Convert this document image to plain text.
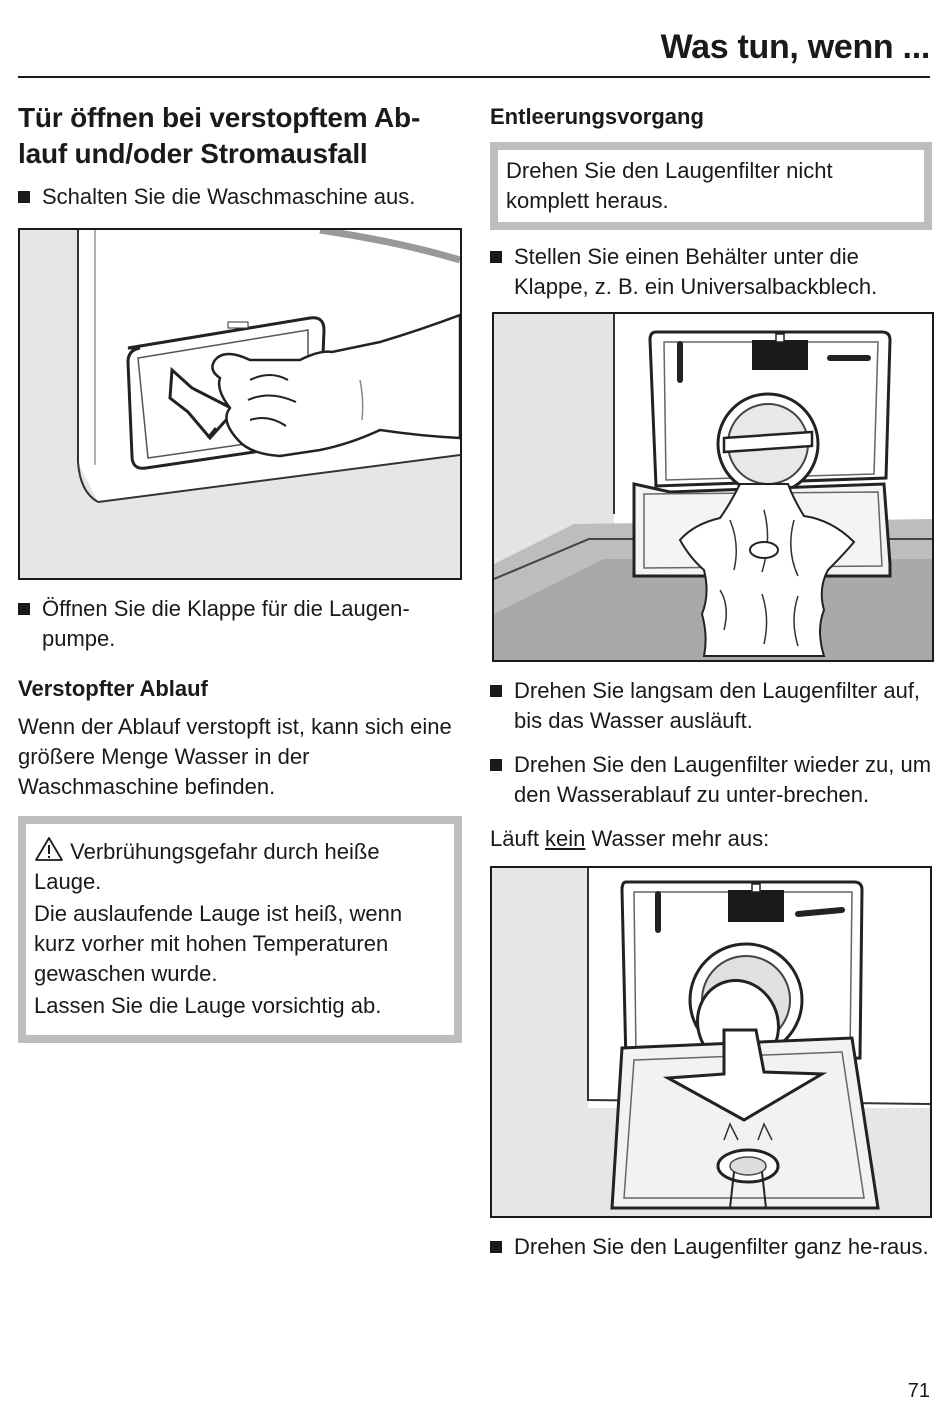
Was tun, wenn ...
Tür öffnen bei verstopftem Ab-
lauf und/oder Stromausfall
Schalten Sie die Waschmaschine aus.
Öffnen Sie die Klappe für die Laugen-pumpe.
Verstopfter Ablauf
Wenn der Ablauf verstopft ist, kann sich eine größere Menge Wasser in der Waschmaschine befinden.
Verbrühungsgefahr durch heiße Lauge.
Die auslaufende Lauge ist heiß, wenn kurz vorher mit hohen Temperaturen gewaschen wurde.
Lassen Sie die Lauge vorsichtig ab.
Entleerungsvorgang
Drehen Sie den Laugenfilter nicht komplett heraus.
Stellen Sie einen Behälter unter die Klappe, z. B. ein Universalbackblech.
Drehen Sie langsam den Laugenfilter auf, bis das Wasser ausläuft.
Drehen Sie den Laugenfilter wieder zu, um den Wasserablauf zu unter-brechen.
Läuft kein Wasser mehr aus:
Drehen Sie den Laugenfilter ganz he-raus.
71
